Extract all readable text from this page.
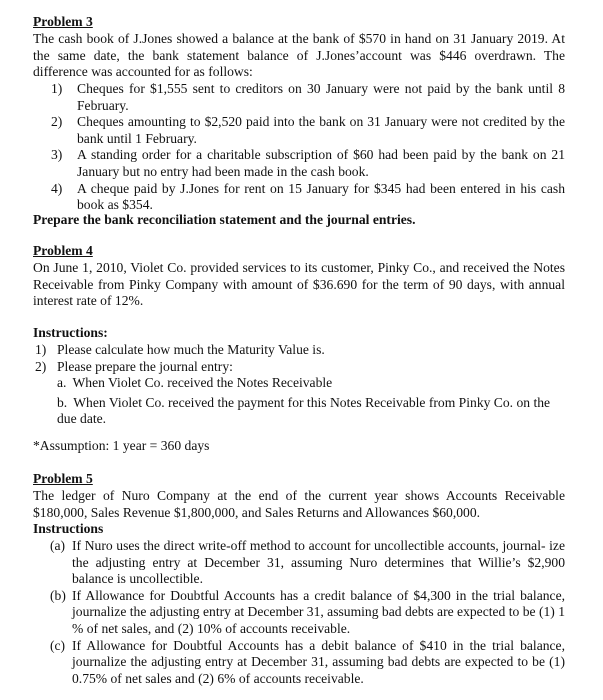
Problem 3
The cash book of J.Jones showed a balance at the bank of $570 in hand on 31 January 2019. At the same date, the bank statement balance of J.Jones’account was $446 overdrawn. The difference was accounted for as follows:
1) Cheques for $1,555 sent to creditors on 30 January were not paid by the bank until 8 February.
2) Cheques amounting to $2,520 paid into the bank on 31 January were not credited by the bank until 1 February.
3) A standing order for a charitable subscription of $60 had been paid by the bank on 21 January but no entry had been made in the cash book.
4) A cheque paid by J.Jones for rent on 15 January for $345 had been entered in his cash book as $354.
Prepare the bank reconciliation statement and the journal entries.
Problem 4
On June 1, 2010, Violet Co. provided services to its customer, Pinky Co., and received the Notes Receivable from Pinky Company with amount of $36.690 for the term of 90 days, with annual interest rate of 12%.
Instructions:
1) Please calculate how much the Maturity Value is.
2) Please prepare the journal entry:
a. When Violet Co. received the Notes Receivable
b. When Violet Co. received the payment for this Notes Receivable from Pinky Co. on the due date.
*Assumption: 1 year = 360 days
Problem 5
The ledger of Nuro Company at the end of the current year shows Accounts Receivable $180,000, Sales Revenue $1,800,000, and Sales Returns and Allowances $60,000.
Instructions
(a) If Nuro uses the direct write-off method to account for uncollectible accounts, journal- ize the adjusting entry at December 31, assuming Nuro determines that Willie’s $2,900 balance is uncollectible.
(b) If Allowance for Doubtful Accounts has a credit balance of $4,300 in the trial balance, journalize the adjusting entry at December 31, assuming bad debts are expected to be (1) 1 % of net sales, and (2) 10% of accounts receivable.
(c) If Allowance for Doubtful Accounts has a debit balance of $410 in the trial balance, journalize the adjusting entry at December 31, assuming bad debts are expected to be (1) 0.75% of net sales and (2) 6% of accounts receivable.
